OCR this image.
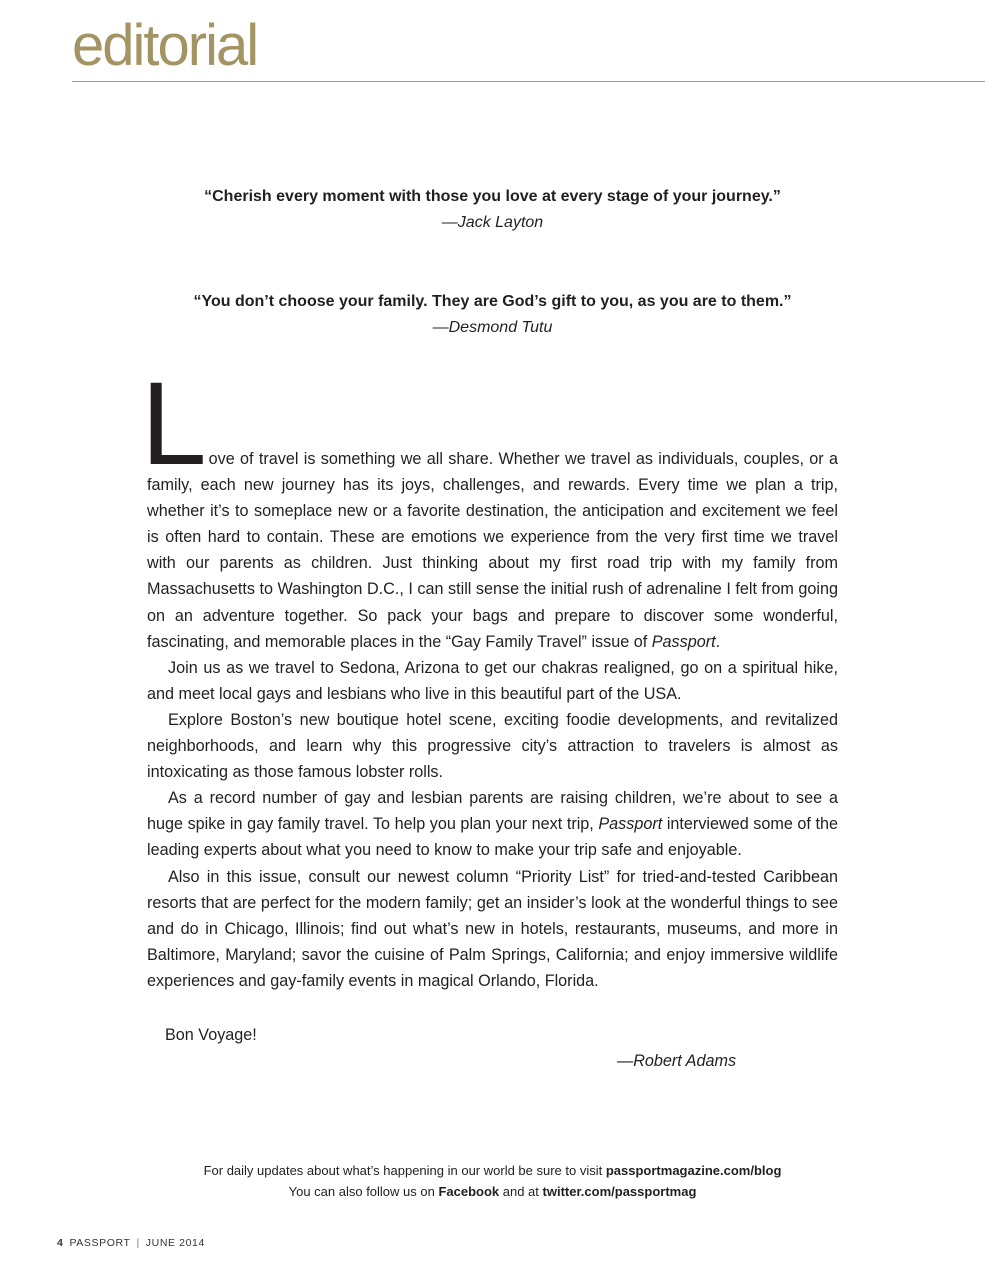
editorial

“Cherish every moment with those you love at every stage of your journey.”

—Jack Layton

“You don’t choose your family. They are God’s gift to you, as you are to them.”

—Desmond Tutu

L ove of travel is something we all share. Whether we travel as individuals, couples, or a family, each new journey has its joys, challenges, and rewards. Every time we plan a trip, whether it’s to someplace new or a favorite destination, the anticipation and excitement we feel is often hard to contain. These are emotions we experience from the very first time we travel with our parents as children. Just thinking about my first road trip with my family from Massachusetts to Washington D.C., I can still sense the initial rush of adrenaline I felt from going on an adventure together. So pack your bags and prepare to discover some wonderful, fascinating, and memorable places in the “Gay Family Travel” issue of Passport.

Join us as we travel to Sedona, Arizona to get our chakras realigned, go on a spiritual hike, and meet local gays and lesbians who live in this beautiful part of the USA.

Explore Boston’s new boutique hotel scene, exciting foodie developments, and revitalized neighborhoods, and learn why this progressive city’s attraction to travelers is almost as intoxicating as those famous lobster rolls.

As a record number of gay and lesbian parents are raising children, we’re about to see a huge spike in gay family travel. To help you plan your next trip, Passport interviewed some of the leading experts about what you need to know to make your trip safe and enjoyable.

Also in this issue, consult our newest column “Priority List” for tried-and-tested Caribbean resorts that are perfect for the modern family; get an insider’s look at the wonderful things to see and do in Chicago, Illinois; find out what’s new in hotels, restaurants, museums, and more in Baltimore, Maryland; savor the cuisine of Palm Springs, California; and enjoy immersive wildlife experiences and gay-family events in magical Orlando, Florida.

Bon Voyage!
—Robert Adams
For daily updates about what’s happening in our world be sure to visit passportmagazine.com/blog
You can also follow us on Facebook and at twitter.com/passportmag
4 PASSPORT | JUNE 2014
